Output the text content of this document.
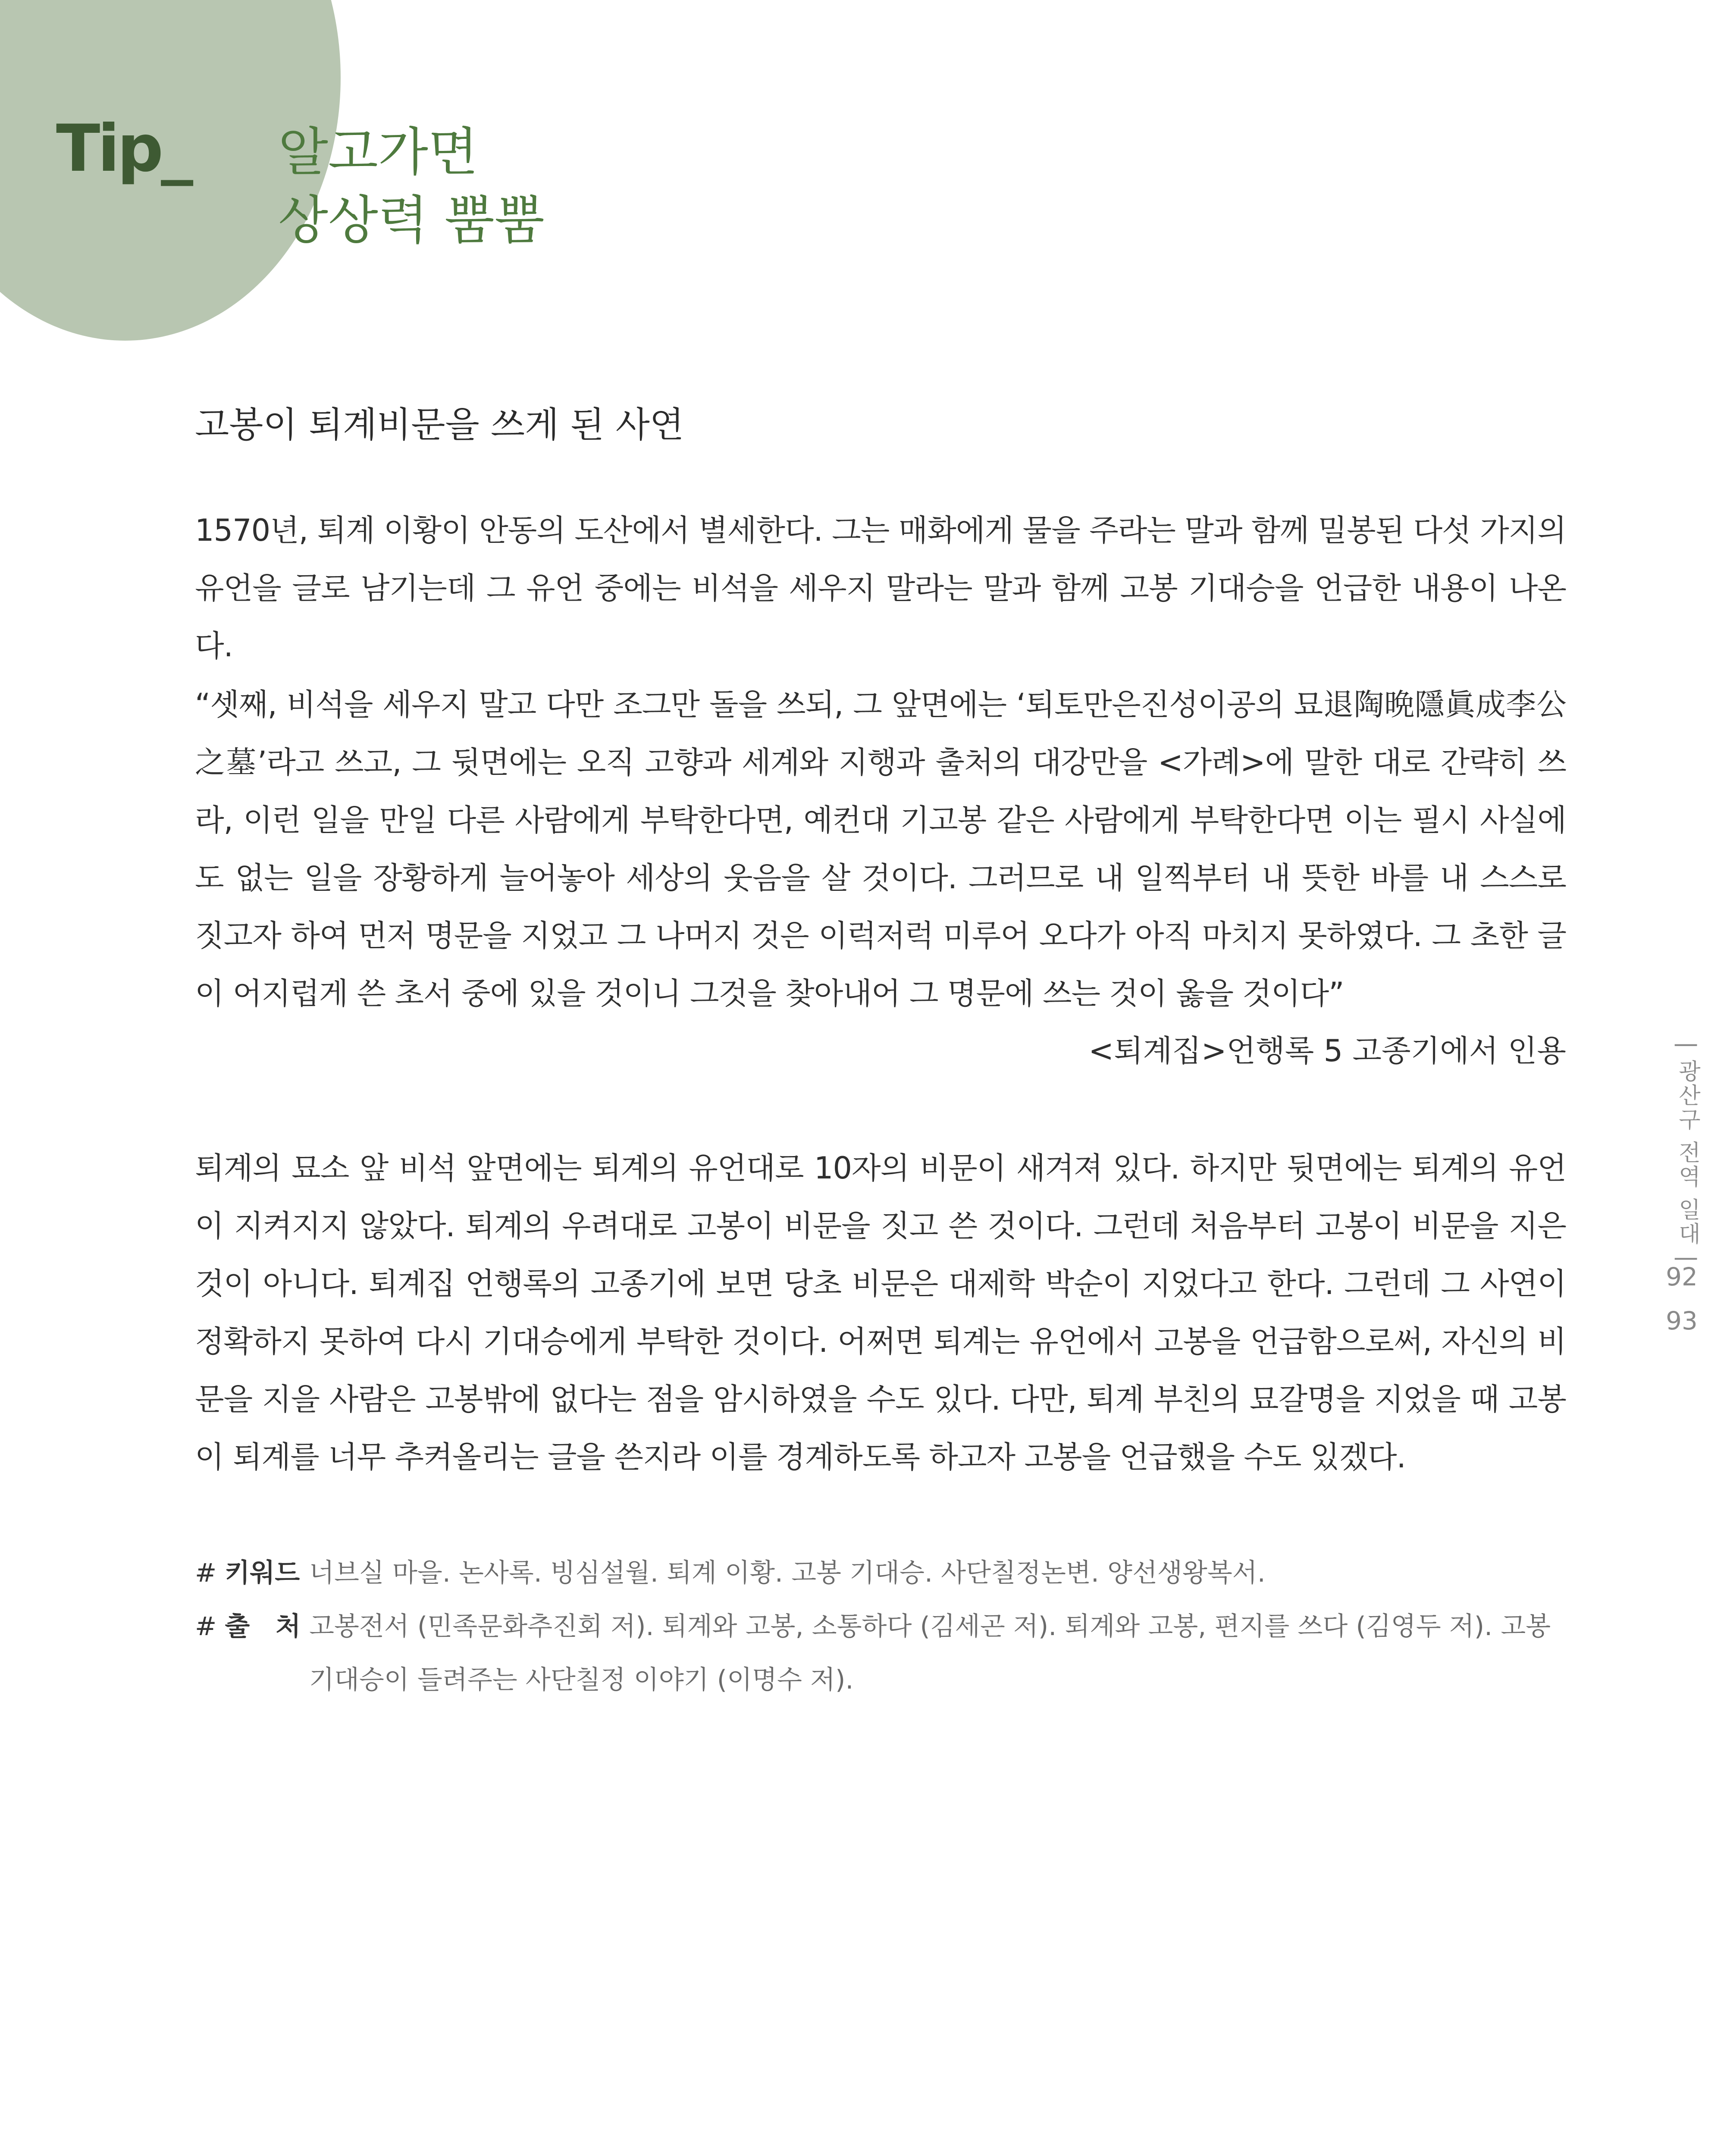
Tip_ 알고가면
상상력 뿜뿜
고봉이 퇴계비문을 쓰게 된 사연
1570년, 퇴계 이황이 안동의 도산에서 별세한다. 그는 매화에게 물을 주라는 말과 함께 밀봉된 다섯 가지의 유언을 글로 남기는데 그 유언 중에는 비석을 세우지 말라는 말과 함께 고봉 기대승을 언급한 내용이 나온다.
“셋째, 비석을 세우지 말고 다만 조그만 돌을 쓰되, 그 앞면에는 ‘퇴토만은진성이공의 묘退陶晩隱眞成李公之墓’라고 쓰고, 그 뒷면에는 오직 고향과 세계와 지행과 출처의 대강만을 <가례>에 말한 대로 간략히 쓰라, 이런 일을 만일 다른 사람에게 부탁한다면, 예컨대 기고봉 같은 사람에게 부탁한다면 이는 필시 사실에도 없는 일을 장황하게 늘어놓아 세상의 웃음을 살 것이다. 그러므로 내 일찍부터 내 뜻한 바를 내 스스로 짓고자 하여 먼저 명문을 지었고 그 나머지 것은 이럭저럭 미루어 오다가 아직 마치지 못하였다. 그 초한 글이 어지럽게 쓴 초서 중에 있을 것이니 그것을 찾아내어 그 명문에 쓰는 것이 옳을 것이다”
<퇴계집>언행록 5 고종기에서 인용
퇴계의 묘소 앞 비석 앞면에는 퇴계의 유언대로 10자의 비문이 새겨져 있다. 하지만 뒷면에는 퇴계의 유언이 지켜지지 않았다. 퇴계의 우려대로 고봉이 비문을 짓고 쓴 것이다. 그런데 처음부터 고봉이 비문을 지은 것이 아니다. 퇴계집 언행록의 고종기에 보면 당초 비문은 대제학 박순이 지었다고 한다. 그런데 그 사연이 정확하지 못하여 다시 기대승에게 부탁한 것이다. 어쩌면 퇴계는 유언에서 고봉을 언급함으로써, 자신의 비문을 지을 사람은 고봉밖에 없다는 점을 암시하였을 수도 있다. 다만, 퇴계 부친의 묘갈명을 지었을 때 고봉이 퇴계를 너무 추켜올리는 글을 쓴지라 이를 경계하도록 하고자 고봉을 언급했을 수도 있겠다.
# 키워드 너브실 마을. 논사록. 빙심설월. 퇴계 이황. 고봉 기대승. 사단칠정논변. 양선생왕복서.
# 출　처 고봉전서 (민족문화추진회 저). 퇴계와 고봉, 소통하다 (김세곤 저). 퇴계와 고봉, 편지를 쓰다 (김영두 저). 고봉 기대승이 들려주는 사단칠정 이야기 (이명수 저).
| 광산구 전역 일대 |
92
93
